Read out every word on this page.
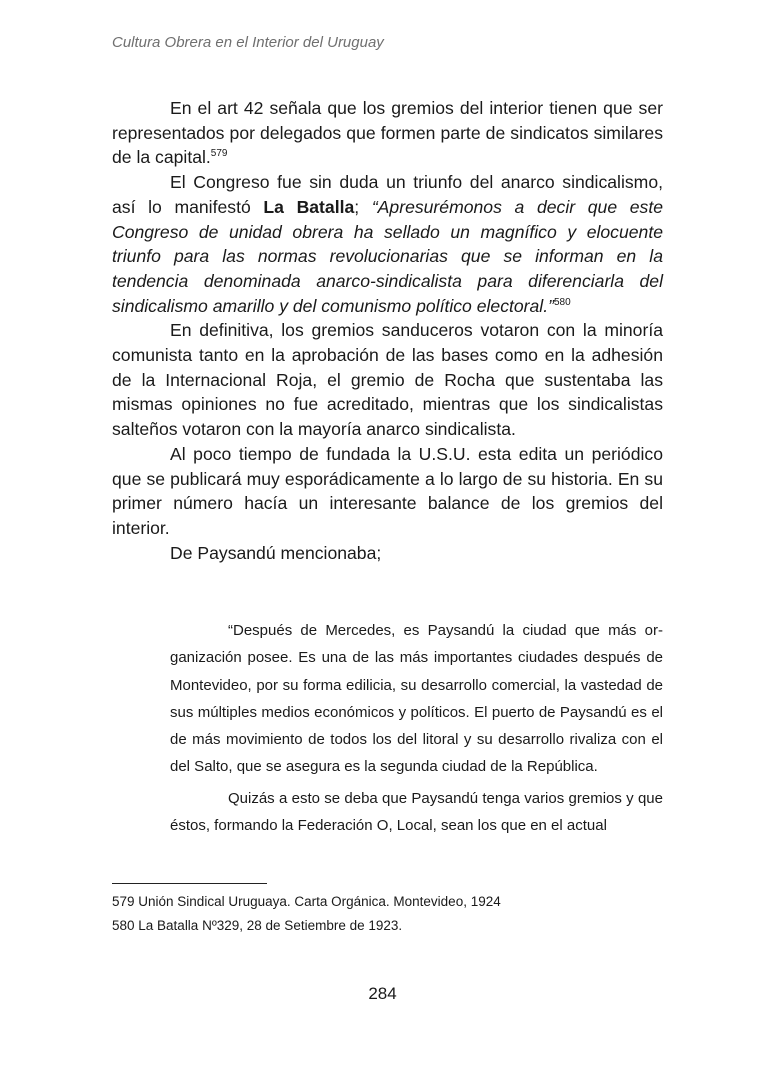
Cultura Obrera en el Interior del Uruguay

En el art 42 señala que los gremios del interior tienen que ser representados por delegados que formen parte de sindicatos similares de la capital.$^{579}$

El Congreso fue sin duda un triunfo del anarco sindicalismo, así lo manifestó La Batalla; “Apresurémonos a decir que este Congreso de unidad obrera ha sellado un magnífico y elocuente triunfo para las normas revolucionarias que se informan en la tendencia denominada anarco-sindicalista para diferenciarla del sindicalismo amarillo y del comunismo político electoral.”$^{580}$

En definitiva, los gremios sanduceros votaron con la minoría comunista tanto en la aprobación de las bases como en la adhesión de la Internacional Roja, el gremio de Rocha que sustentaba las mismas opiniones no fue acreditado, mientras que los sindicalistas salteños votaron con la mayoría anarco sindicalista.

Al poco tiempo de fundada la U.S.U. esta edita un periódico que se publicará muy esporádicamente a lo largo de su historia. En su primer número hacía un interesante balance de los gremios del interior.

De Paysandú mencionaba;

“Después de Mercedes, es Paysandú la ciudad que más organización posee. Es una de las más importantes ciudades después de Montevideo, por su forma edilicia, su desarrollo comercial, la vastedad de sus múltiples medios económicos y políticos. El puerto de Paysandú es el de más movimiento de todos los del litoral y su desarrollo rivaliza con el del Salto, que se asegura es la segunda ciudad de la República.

Quizás a esto se deba que Paysandú tenga varios gremios y que éstos, formando la Federación O, Local, sean los que en el actual

579 Unión Sindical Uruguaya. Carta Orgánica. Montevideo, 1924
580 La Batalla Nº329, 28 de Setiembre de 1923.
284
